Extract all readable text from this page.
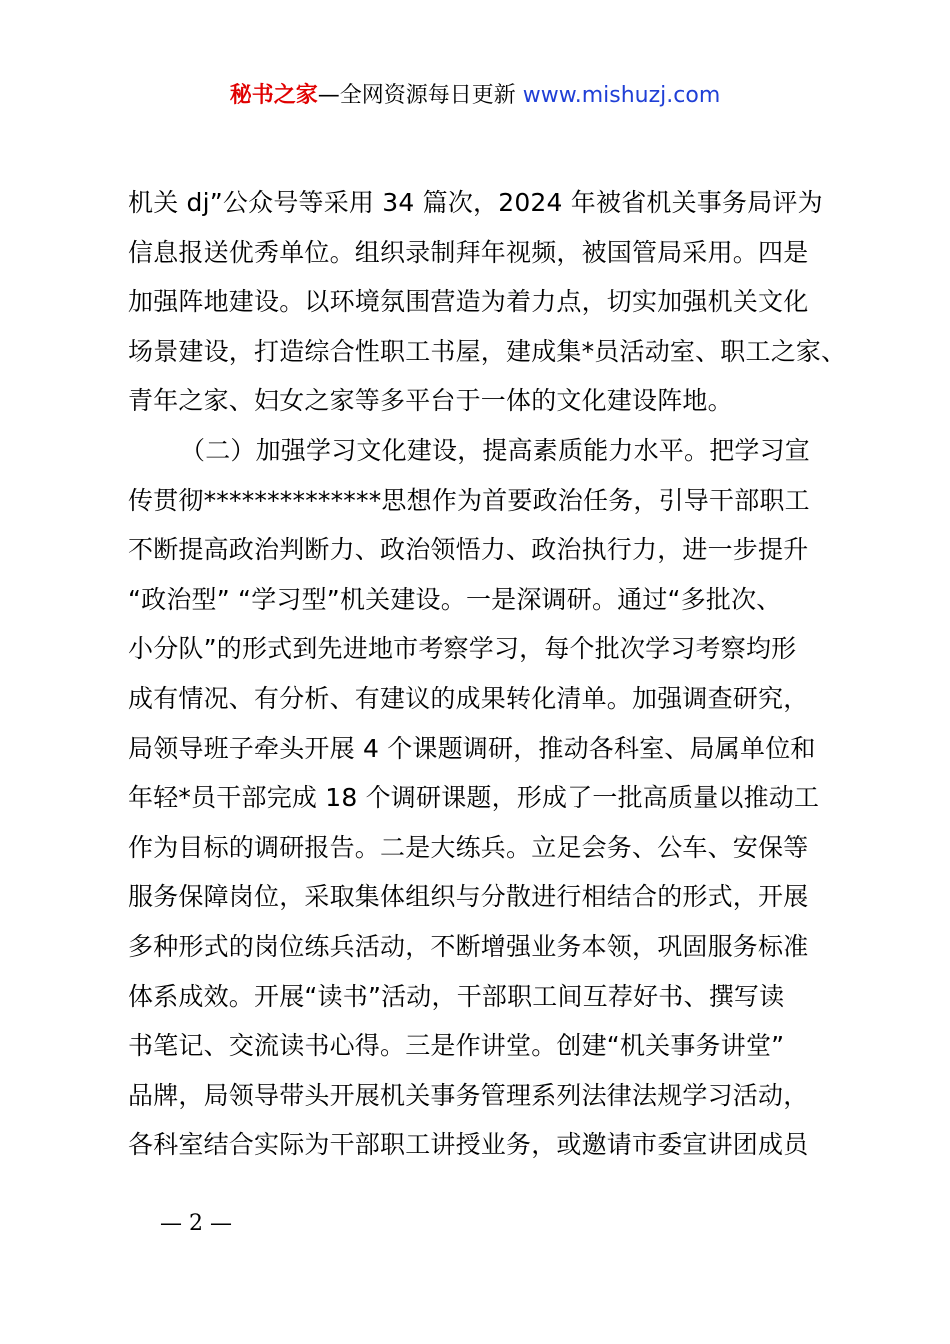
秘书之家—全网资源每日更新 www.mishuzj.com
机关 dj”公众号等采用 34 篇次，2024 年被省机关事务局评为
信息报送优秀单位。组织录制拜年视频，被国管局采用。四是
加强阵地建设。以环境氛围营造为着力点，切实加强机关文化
场景建设，打造综合性职工书屋，建成集*员活动室、职工之家、
青年之家、妇女之家等多平台于一体的文化建设阵地。
（二）加强学习文化建设，提高素质能力水平。把学习宣
传贯彻**************思想作为首要政治任务，引导干部职工
不断提高政治判断力、政治领悟力、政治执行力，进一步提升
“政治型” “学习型”机关建设。一是深调研。通过“多批次、
小分队”的形式到先进地市考察学习，每个批次学习考察均形
成有情况、有分析、有建议的成果转化清单。加强调查研究，
局领导班子牵头开展 4 个课题调研，推动各科室、局属单位和
年轻*员干部完成 18 个调研课题，形成了一批高质量以推动工
作为目标的调研报告。二是大练兵。立足会务、公车、安保等
服务保障岗位，采取集体组织与分散进行相结合的形式，开展
多种形式的岗位练兵活动，不断增强业务本领，巩固服务标准
体系成效。开展“读书”活动，干部职工间互荐好书、撰写读
书笔记、交流读书心得。三是作讲堂。创建“机关事务讲堂”
品牌，局领导带头开展机关事务管理系列法律法规学习活动，
各科室结合实际为干部职工讲授业务，或邀请市委宣讲团成员
— 2 —
